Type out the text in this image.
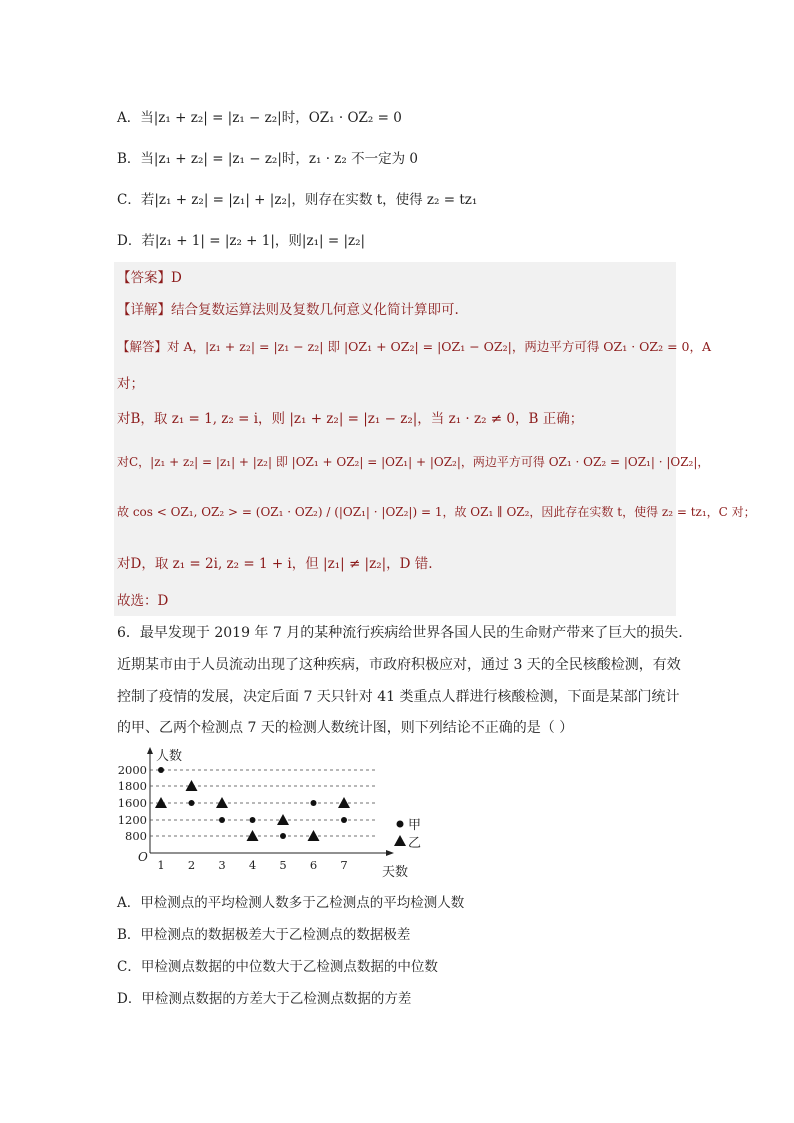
A．当|z₁ + z₂| = |z₁ − z₂|时，OZ₁ · OZ₂ = 0
B．当|z₁ + z₂| = |z₁ − z₂|时，z₁ · z₂ 不一定为 0
C．若|z₁ + z₂| = |z₁| + |z₂|，则存在实数 t，使得 z₂ = tz₁
D．若|z₁ + 1| = |z₂ + 1|，则|z₁| = |z₂|
【答案】D
【详解】结合复数运算法则及复数几何意义化简计算即可.
【解答】对 A，|z₁ + z₂| = |z₁ − z₂| 即 |OZ₁ + OZ₂| = |OZ₁ − OZ₂|，两边平方可得 OZ₁ · OZ₂ = 0，A
对；
对B，取 z₁ = 1, z₂ = i，则 |z₁ + z₂| = |z₁ − z₂|，当 z₁ · z₂ ≠ 0，B 正确；
对C，|z₁ + z₂| = |z₁| + |z₂| 即 |OZ₁ + OZ₂| = |OZ₁| + |OZ₂|，两边平方可得 OZ₁ · OZ₂ = |OZ₁| · |OZ₂|，
故 cos < OZ₁, OZ₂ > = (OZ₁ · OZ₂) / (|OZ₁| · |OZ₂|) = 1，故 OZ₁ ∥ OZ₂，因此存在实数 t，使得 z₂ = tz₁，C 对；
对D，取 z₁ = 2i, z₂ = 1 + i，但 |z₁| ≠ |z₂|，D 错.
故选：D
6．最早发现于 2019 年 7 月的某种流行疾病给世界各国人民的生命财产带来了巨大的损失.
近期某市由于人员流动出现了这种疾病，市政府积极应对，通过 3 天的全民核酸检测，有效
控制了疫情的发展，决定后面 7 天只针对 41 类重点人群进行核酸检测，下面是某部门统计
的甲、乙两个检测点 7 天的检测人数统计图，则下列结论不正确的是（ ）
人数
天数
O
800
1200
1600
1800
2000
1 2 3 4 5 6 7
甲
乙
A．甲检测点的平均检测人数多于乙检测点的平均检测人数
B．甲检测点的数据极差大于乙检测点的数据极差
C．甲检测点数据的中位数大于乙检测点数据的中位数
D．甲检测点数据的方差大于乙检测点数据的方差
